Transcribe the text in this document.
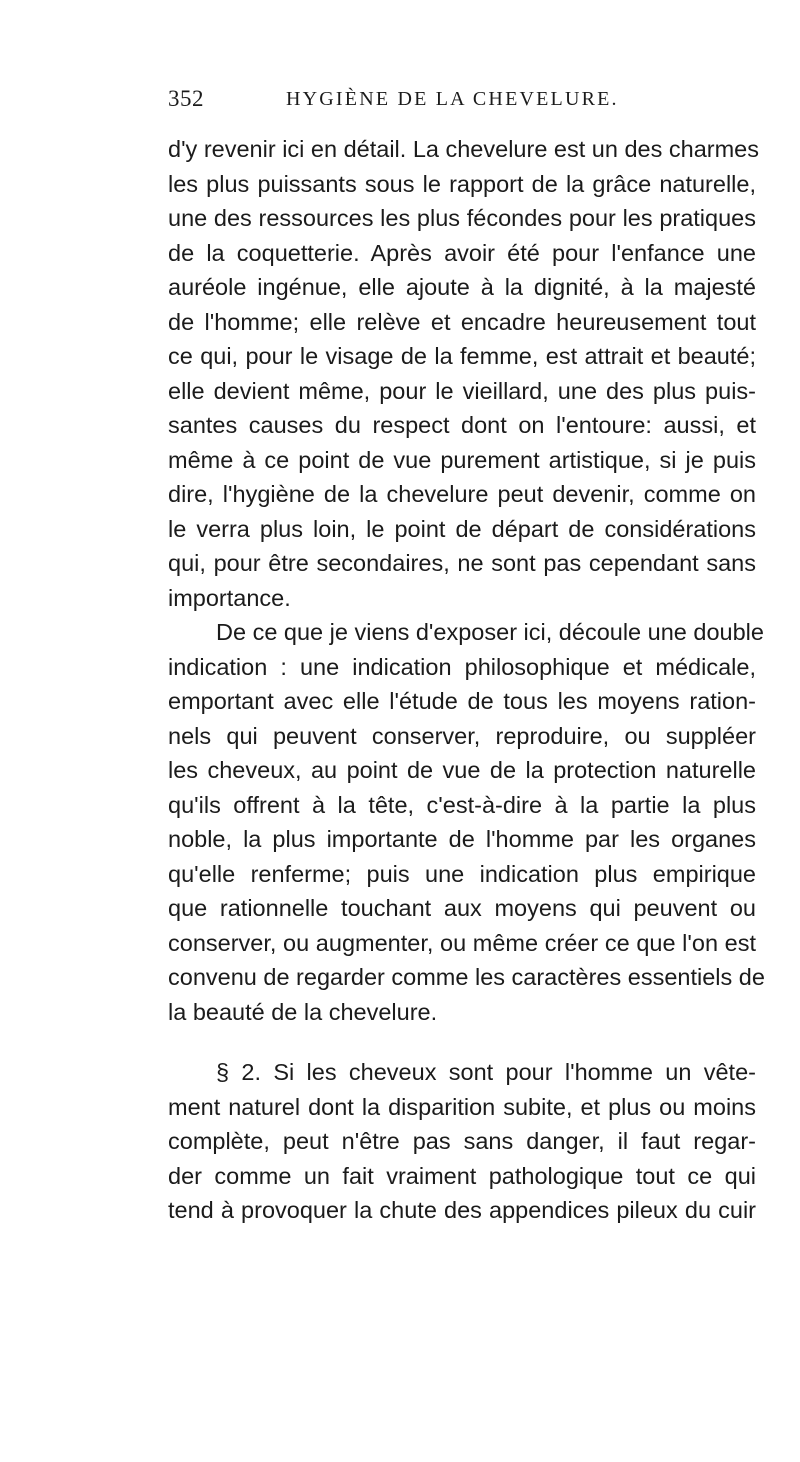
352	HYGIÈNE DE LA CHEVELURE.
d'y revenir ici en détail. La chevelure est un des charmes
les plus puissants sous le rapport de la grâce naturelle,
une des ressources les plus fécondes pour les pratiques
de la coquetterie. Après avoir été pour l'enfance une
auréole ingénue, elle ajoute à la dignité, à la majesté
de l'homme; elle relève et encadre heureusement tout
ce qui, pour le visage de la femme, est attrait et beauté;
elle devient même, pour le vieillard, une des plus puis-
santes causes du respect dont on l'entoure: aussi, et
même à ce point de vue purement artistique, si je puis
dire, l'hygiène de la chevelure peut devenir, comme on
le verra plus loin, le point de départ de considérations
qui, pour être secondaires, ne sont pas cependant sans
importance.
De ce que je viens d'exposer ici, découle une double
indication : une indication philosophique et médicale,
emportant avec elle l'étude de tous les moyens ration-
nels qui peuvent conserver, reproduire, ou suppléer
les cheveux, au point de vue de la protection naturelle
qu'ils offrent à la tête, c'est-à-dire à la partie la plus
noble, la plus importante de l'homme par les organes
qu'elle renferme; puis une indication plus empirique
que rationnelle touchant aux moyens qui peuvent ou
conserver, ou augmenter, ou même créer ce que l'on est
convenu de regarder comme les caractères essentiels de
la beauté de la chevelure.
§ 2. Si les cheveux sont pour l'homme un vête-
ment naturel dont la disparition subite, et plus ou moins
complète, peut n'être pas sans danger, il faut regar-
der comme un fait vraiment pathologique tout ce qui
tend à provoquer la chute des appendices pileux du cuir
